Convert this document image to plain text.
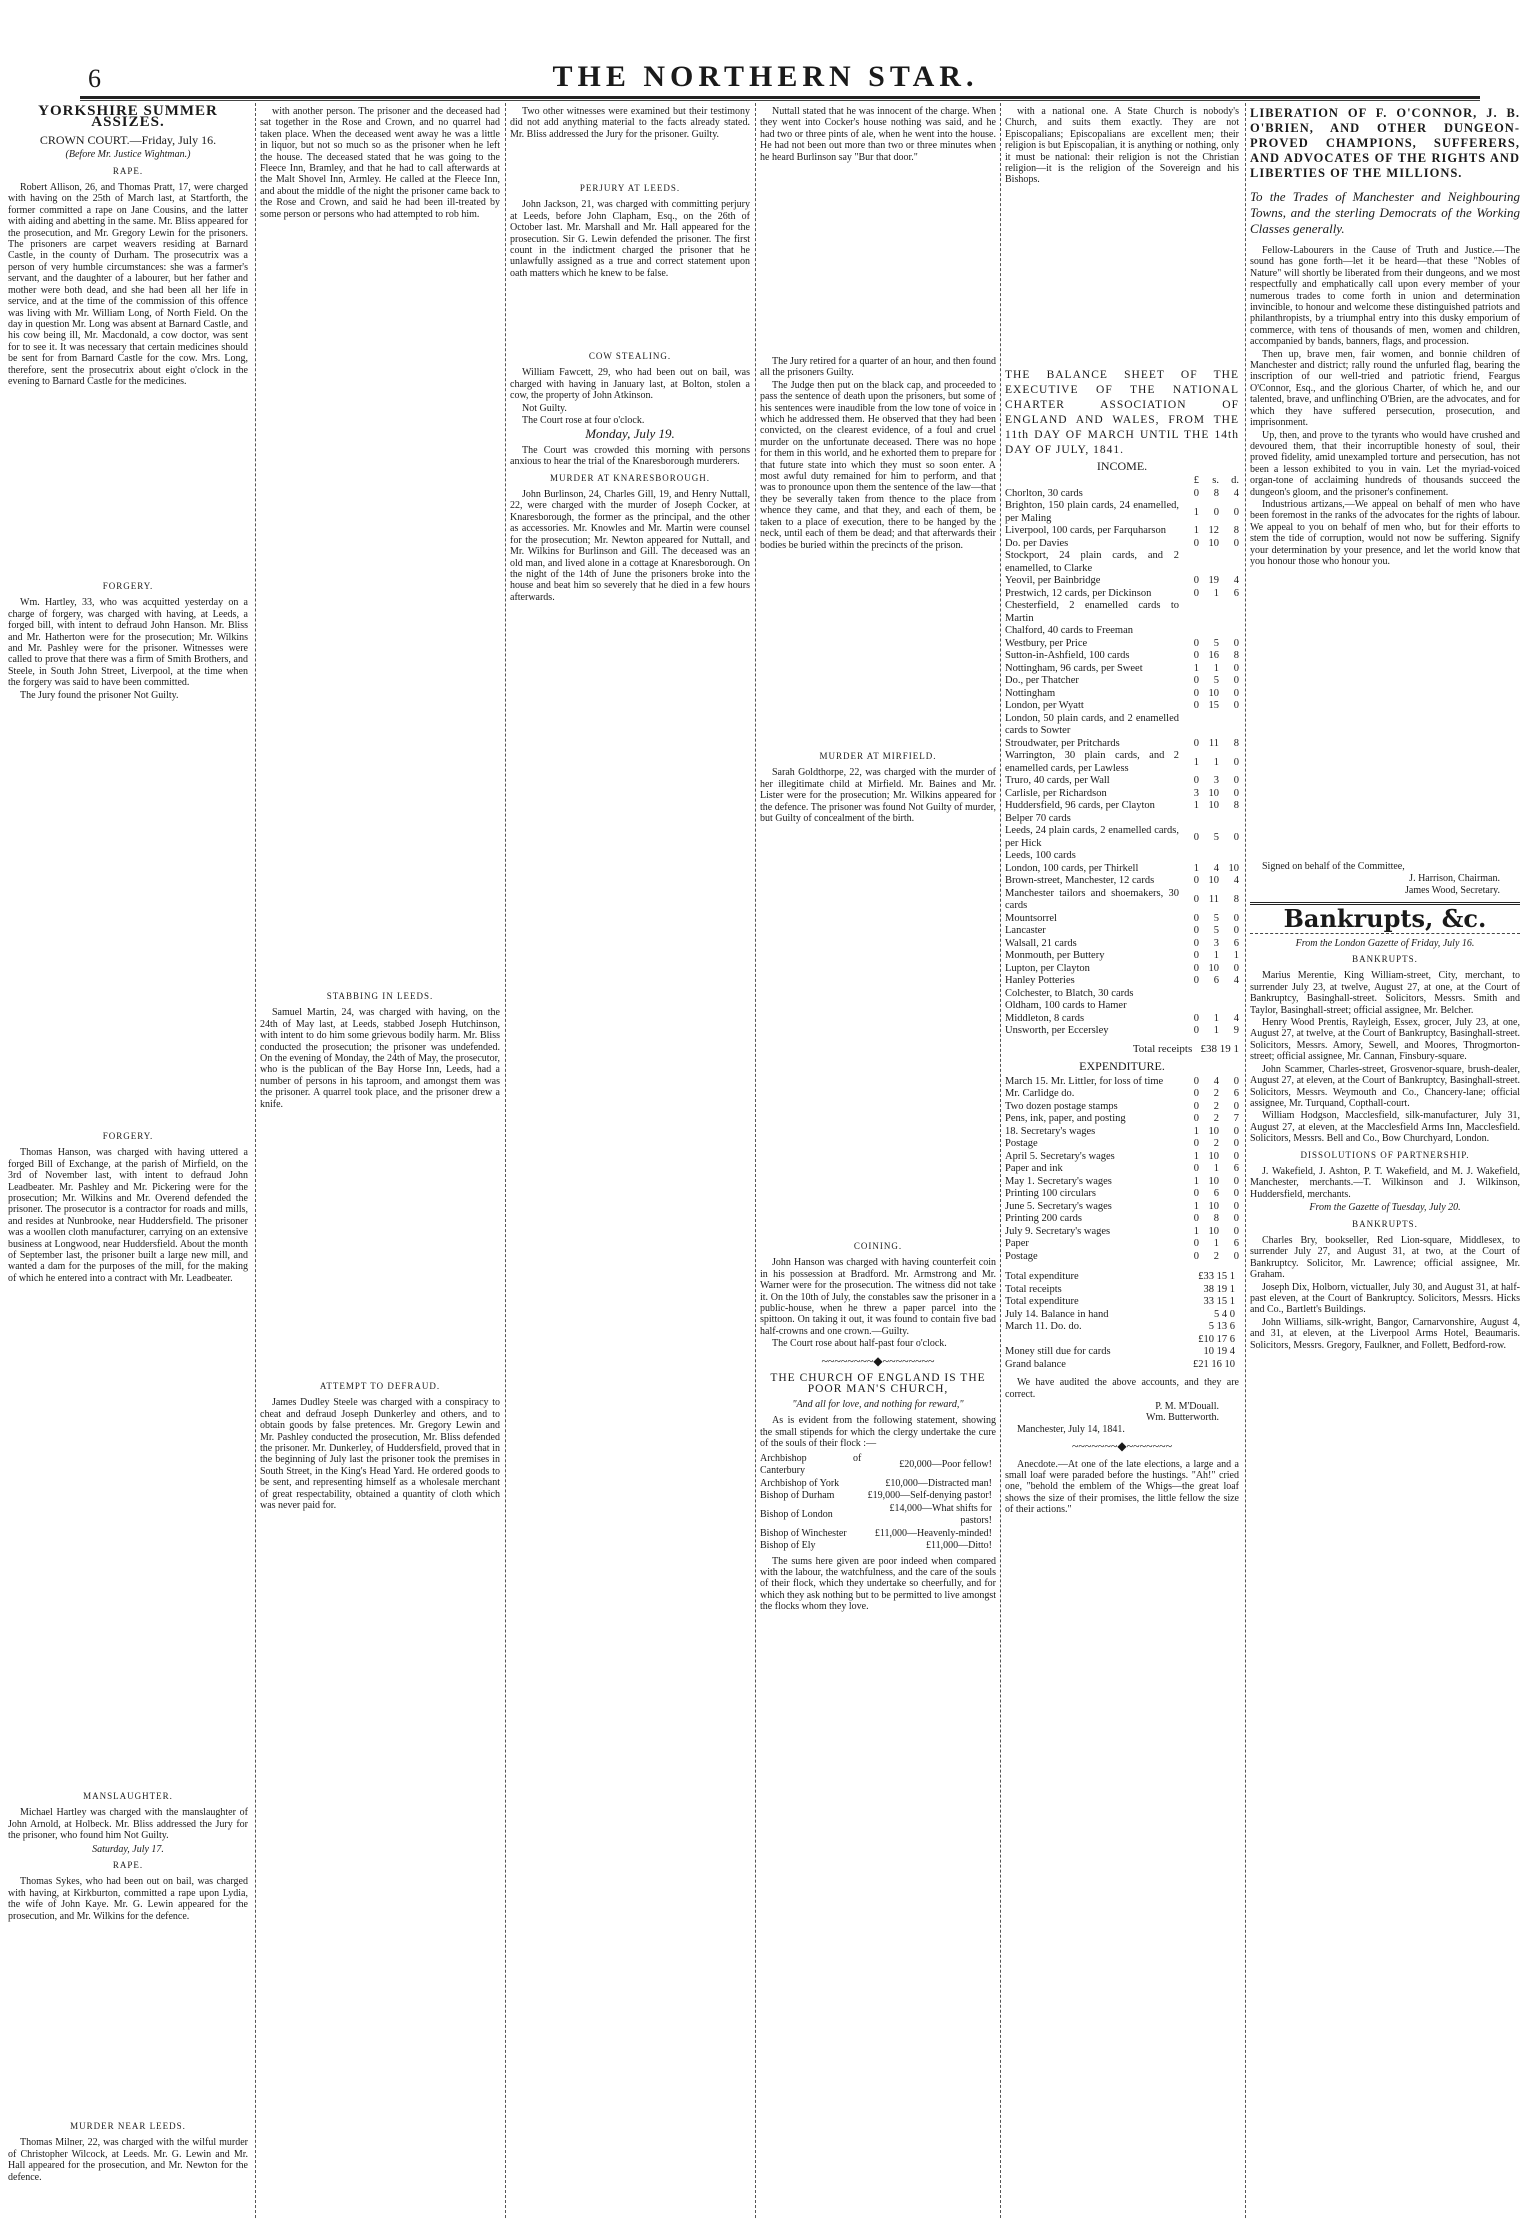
6	THE NORTHERN STAR.
YORKSHIRE SUMMER ASSIZES.
CROWN COURT.—Friday, July 16.
(Before Mr. Justice Wightman.)
RAPE.

Robert Allison, 26, and Thomas Pratt, 17, were charged with having on the 25th of March last, at Startforth, the former committed a rape on Jane Cousins, and the latter with aiding and abetting in the same. Mr. Bliss appeared for the prosecution, and Mr. Gregory Lewin for the prisoners. The prisoners are carpet weavers residing at Barnard Castle, in the county of Durham. The prosecutrix was a person of very humble circumstances: she was a farmer's servant, and the daughter of a labourer, but her father and mother were both dead, and she had been all her life in service, and at the time of the commission of this offence was living with Mr. William Long, of North Field. On the day in question Mr. Long was absent at Barnard Castle, and his cow being ill, Mr. Macdonald, a cow doctor, was sent for to see it. It was necessary that certain medicines should be sent for from Barnard Castle for the cow. Mrs. Long, therefore, sent the prosecutrix about eight o'clock in the evening to Barnard Castle for the medicines.

FORGERY.

Wm. Hartley, 33, who was acquitted yesterday on a charge of forgery, was charged with having, at Leeds, a forged bill, with intent to defraud John Hanson. Mr. Bliss and Mr. Hatherton were for the prosecution; Mr. Wilkins and Mr. Pashley were for the prisoner. Witnesses were called to prove that there was a firm of Smith Brothers, and Steele, in South John Street, Liverpool, at the time when the forgery was said to have been committed.

The Jury found the prisoner Not Guilty.

FORGERY.

Thomas Hanson, was charged with having uttered a forged Bill of Exchange, at the parish of Mirfield, on the 3rd of November last, with intent to defraud John Leadbeater. Mr. Pashley and Mr. Pickering were for the prosecution; Mr. Wilkins and Mr. Overend defended the prisoner. The prosecutor is a contractor for roads and mills, and resides at Nunbrooke, near Huddersfield. The prisoner was a woollen cloth manufacturer, carrying on an extensive business at Longwood, near Huddersfield. About the month of September last, the prisoner built a large new mill, and wanted a dam for the purposes of the mill, for the making of which he entered into a contract with Mr. Leadbeater.

MANSLAUGHTER.

Michael Hartley was charged with the manslaughter of John Arnold, at Holbeck. Mr. Bliss addressed the Jury for the prisoner, who found him Not Guilty.

Saturday, July 17.
RAPE.

Thomas Sykes, who had been out on bail, was charged with having, at Kirkburton, committed a rape upon Lydia, the wife of John Kaye. Mr. G. Lewin appeared for the prosecution, and Mr. Wilkins for the defence.

MURDER NEAR LEEDS.

Thomas Milner, 22, was charged with the wilful murder of Christopher Wilcock, at Leeds. Mr. G. Lewin and Mr. Hall appeared for the prosecution, and Mr. Newton for the defence.

with another person. The prisoner and the deceased had sat together in the Rose and Crown, and no quarrel had taken place. When the deceased went away he was a little in liquor, but not so much so as the prisoner when he left the house. The deceased stated that he was going to the Fleece Inn, Bramley, and that he had to call afterwards at the Malt Shovel Inn, Armley. He called at the Fleece Inn, and about the middle of the night the prisoner came back to the Rose and Crown, and said he had been ill-treated by some person or persons who had attempted to rob him.

STABBING IN LEEDS.

Samuel Martin, 24, was charged with having, on the 24th of May last, at Leeds, stabbed Joseph Hutchinson, with intent to do him some grievous bodily harm. Mr. Bliss conducted the prosecution; the prisoner was undefended. On the evening of Monday, the 24th of May, the prosecutor, who is the publican of the Bay Horse Inn, Leeds, had a number of persons in his taproom, and amongst them was the prisoner. A quarrel took place, and the prisoner drew a knife.

ATTEMPT TO DEFRAUD.

James Dudley Steele was charged with a conspiracy to cheat and defraud Joseph Dunkerley and others, and to obtain goods by false pretences. Mr. Gregory Lewin and Mr. Pashley conducted the prosecution, Mr. Bliss defended the prisoner. Mr. Dunkerley, of Huddersfield, proved that in the beginning of July last the prisoner took the premises in South Street, in the King's Head Yard. He ordered goods to be sent, and representing himself as a wholesale merchant of great respectability, obtained a quantity of cloth which was never paid for.

Two other witnesses were examined but their testimony did not add anything material to the facts already stated. Mr. Bliss addressed the Jury for the prisoner. Guilty.

PERJURY AT LEEDS.

John Jackson, 21, was charged with committing perjury at Leeds, before John Clapham, Esq., on the 26th of October last. Mr. Marshall and Mr. Hall appeared for the prosecution. Sir G. Lewin defended the prisoner. The first count in the indictment charged the prisoner that he unlawfully assigned as a true and correct statement upon oath matters which he knew to be false.

COW STEALING.

William Fawcett, 29, who had been out on bail, was charged with having in January last, at Bolton, stolen a cow, the property of John Atkinson.

Not Guilty.

The Court rose at four o'clock.

Monday, July 19.

The Court was crowded this morning with persons anxious to hear the trial of the Knaresborough murderers.

MURDER AT KNARESBOROUGH.

John Burlinson, 24, Charles Gill, 19, and Henry Nuttall, 22, were charged with the murder of Joseph Cocker, at Knaresborough, the former as the principal, and the other as accessories. Mr. Knowles and Mr. Martin were counsel for the prosecution; Mr. Newton appeared for Nuttall, and Mr. Wilkins for Burlinson and Gill. The deceased was an old man, and lived alone in a cottage at Knaresborough. On the night of the 14th of June the prisoners broke into the house and beat him so severely that he died in a few hours afterwards.

Nuttall stated that he was innocent of the charge. When they went into Cocker's house nothing was said, and he had two or three pints of ale, when he went into the house. He had not been out more than two or three minutes when he heard Burlinson say "Bur that door."

The Jury retired for a quarter of an hour, and then found all the prisoners Guilty.

The Judge then put on the black cap, and proceeded to pass the sentence of death upon the prisoners, but some of his sentences were inaudible from the low tone of voice in which he addressed them. He observed that they had been convicted, on the clearest evidence, of a foul and cruel murder on the unfortunate deceased. There was no hope for them in this world, and he exhorted them to prepare for that future state into which they must so soon enter. A most awful duty remained for him to perform, and that was to pronounce upon them the sentence of the law—that they be severally taken from thence to the place from whence they came, and that they, and each of them, be taken to a place of execution, there to be hanged by the neck, until each of them be dead; and that afterwards their bodies be buried within the precincts of the prison.

MURDER AT MIRFIELD.

Sarah Goldthorpe, 22, was charged with the murder of her illegitimate child at Mirfield. Mr. Baines and Mr. Lister were for the prosecution; Mr. Wilkins appeared for the defence. The prisoner was found Not Guilty of murder, but Guilty of concealment of the birth.

COINING.

John Hanson was charged with having counterfeit coin in his possession at Bradford. Mr. Armstrong and Mr. Warner were for the prosecution. The witness did not take it. On the 10th of July, the constables saw the prisoner in a public-house, when he threw a paper parcel into the spittoon. On taking it out, it was found to contain five bad half-crowns and one crown.—Guilty.

The Court rose about half-past four o'clock.

~~~~~~~~◆~~~~~~~~
THE CHURCH OF ENGLAND IS THE POOR MAN'S CHURCH,
"And all for love, and nothing for reward,"

As is evident from the following statement, showing the small stipends for which the clergy undertake the cure of the souls of their flock :—

Archbishop of Canterbury	£20,000—Poor fellow!
Archbishop of York	£10,000—Distracted man!
Bishop of Durham	£19,000—Self-denying pastor!
Bishop of London	£14,000—What shifts for pastors!
Bishop of Winchester	£11,000—Heavenly-minded!
Bishop of Ely	£11,000—Ditto!

The sums here given are poor indeed when compared with the labour, the watchfulness, and the care of the souls of their flock, which they undertake so cheerfully, and for which they ask nothing but to be permitted to live amongst the flocks whom they love.

with a national one. A State Church is nobody's Church, and suits them exactly. They are not Episcopalians; Episcopalians are excellent men; their religion is but Episcopalian, it is anything or nothing, only it must be national: their religion is not the Christian religion—it is the religion of the Sovereign and his Bishops.

THE BALANCE SHEET OF THE EXECUTIVE OF THE NATIONAL CHARTER ASSOCIATION OF ENGLAND AND WALES, FROM THE 11th DAY OF MARCH UNTIL THE 14th DAY OF JULY, 1841.
INCOME.
	£	s.	d.
Chorlton, 30 cards	0	8	4
Brighton, 150 plain cards, 24 enamelled, per Maling	1	0	0
Liverpool, 100 cards, per Farquharson	1	12	8
Do. per Davies	0	10	0
Stockport, 24 plain cards, and 2 enamelled, to Clarke			
Yeovil, per Bainbridge	0	19	4
Prestwich, 12 cards, per Dickinson	0	1	6
Chesterfield, 2 enamelled cards to Martin			
Chalford, 40 cards to Freeman			
Westbury, per Price	0	5	0
Sutton-in-Ashfield, 100 cards	0	16	8
Nottingham, 96 cards, per Sweet	1	1	0
Do., per Thatcher	0	5	0
Nottingham	0	10	0
London, per Wyatt	0	15	0
London, 50 plain cards, and 2 enamelled cards to Sowter			
Stroudwater, per Pritchards	0	11	8
Warrington, 30 plain cards, and 2 enamelled cards, per Lawless	1	1	0
Truro, 40 cards, per Wall	0	3	0
Carlisle, per Richardson	3	10	0
Huddersfield, 96 cards, per Clayton	1	10	8
Belper 70 cards			
Leeds, 24 plain cards, 2 enamelled cards, per Hick	0	5	0
Leeds, 100 cards			
London, 100 cards, per Thirkell	1	4	10
Brown-street, Manchester, 12 cards	0	10	4
Manchester tailors and shoemakers, 30 cards	0	11	8
Mountsorrel	0	5	0
Lancaster	0	5	0
Walsall, 21 cards	0	3	6
Monmouth, per Buttery	0	1	1
Lupton, per Clayton	0	10	0
Hanley Potteries	0	6	4
Colchester, to Blatch, 30 cards			
Oldham, 100 cards to Hamer			
Middleton, 8 cards	0	1	4
Unsworth, per Eccersley	0	1	9
Total receipts £38 19 1
EXPENDITURE.
March 15. Mr. Littler, for loss of time	0	4	0
Mr. Carlidge do.	0	2	6
Two dozen postage stamps	0	2	0
Pens, ink, paper, and posting	0	2	7
18. Secretary's wages	1	10	0
Postage	0	2	0
April 5. Secretary's wages	1	10	0
Paper and ink	0	1	6
May 1. Secretary's wages	1	10	0
Printing 100 circulars	0	6	0
June 5. Secretary's wages	1	10	0
Printing 200 cards	0	8	0
July 9. Secretary's wages	1	10	0
Paper	0	1	6
Postage	0	2	0
Total expenditure	£33 15 1
Total receipts	38 19 1
Total expenditure	33 15 1
July 14. Balance in hand	5 4 0
March 11. Do. do.	5 13 6
	£10 17 6
Money still due for cards	10 19 4
Grand balance	£21 16 10

We have audited the above accounts, and they are correct.

P. M. M'Douall.
Wm. Butterworth.

Manchester, July 14, 1841.

~~~~~~~◆~~~~~~~

Anecdote.—At one of the late elections, a large and a small loaf were paraded before the hustings. "Ah!" cried one, "behold the emblem of the Whigs—the great loaf shows the size of their promises, the little fellow the size of their actions."

LIBERATION OF F. O'CONNOR, J. B. O'BRIEN, AND OTHER DUNGEON-PROVED CHAMPIONS, SUFFERERS, AND ADVOCATES OF THE RIGHTS AND LIBERTIES OF THE MILLIONS.
To the Trades of Manchester and Neighbouring Towns, and the sterling Democrats of the Working Classes generally.

Fellow-Labourers in the Cause of Truth and Justice.—The sound has gone forth—let it be heard—that these "Nobles of Nature" will shortly be liberated from their dungeons, and we most respectfully and emphatically call upon every member of your numerous trades to come forth in union and determination invincible, to honour and welcome these distinguished patriots and philanthropists, by a triumphal entry into this dusky emporium of commerce, with tens of thousands of men, women and children, accompanied by bands, banners, flags, and procession.

Then up, brave men, fair women, and bonnie children of Manchester and district; rally round the unfurled flag, bearing the inscription of our well-tried and patriotic friend, Feargus O'Connor, Esq., and the glorious Charter, of which he, and our talented, brave, and unflinching O'Brien, are the advocates, and for which they have suffered persecution, prosecution, and imprisonment.

Up, then, and prove to the tyrants who would have crushed and devoured them, that their incorruptible honesty of soul, their proved fidelity, amid unexampled torture and persecution, has not been a lesson exhibited to you in vain. Let the myriad-voiced organ-tone of acclaiming hundreds of thousands succeed the dungeon's gloom, and the prisoner's confinement.

Industrious artizans,—We appeal on behalf of men who have been foremost in the ranks of the advocates for the rights of labour. We appeal to you on behalf of men who, but for their efforts to stem the tide of corruption, would not now be suffering. Signify your determination by your presence, and let the world know that you honour those who honour you.

Signed on behalf of the Committee,

J. Harrison, Chairman.
James Wood, Secretary.
Bankrupts, &c.
From the London Gazette of Friday, July 16.
BANKRUPTS.

Marius Merentie, King William-street, City, merchant, to surrender July 23, at twelve, August 27, at one, at the Court of Bankruptcy, Basinghall-street. Solicitors, Messrs. Smith and Taylor, Basinghall-street; official assignee, Mr. Belcher.

Henry Wood Prentis, Rayleigh, Essex, grocer, July 23, at one, August 27, at twelve, at the Court of Bankruptcy, Basinghall-street. Solicitors, Messrs. Amory, Sewell, and Moores, Throgmorton-street; official assignee, Mr. Cannan, Finsbury-square.

John Scammer, Charles-street, Grosvenor-square, brush-dealer, August 27, at eleven, at the Court of Bankruptcy, Basinghall-street. Solicitors, Messrs. Weymouth and Co., Chancery-lane; official assignee, Mr. Turquand, Copthall-court.

William Hodgson, Macclesfield, silk-manufacturer, July 31, August 27, at eleven, at the Macclesfield Arms Inn, Macclesfield. Solicitors, Messrs. Bell and Co., Bow Churchyard, London.

DISSOLUTIONS OF PARTNERSHIP.

J. Wakefield, J. Ashton, P. T. Wakefield, and M. J. Wakefield, Manchester, merchants.—T. Wilkinson and J. Wilkinson, Huddersfield, merchants.

From the Gazette of Tuesday, July 20.
BANKRUPTS.

Charles Bry, bookseller, Red Lion-square, Middlesex, to surrender July 27, and August 31, at two, at the Court of Bankruptcy. Solicitor, Mr. Lawrence; official assignee, Mr. Graham.

Joseph Dix, Holborn, victualler, July 30, and August 31, at half-past eleven, at the Court of Bankruptcy. Solicitors, Messrs. Hicks and Co., Bartlett's Buildings.

John Williams, silk-wright, Bangor, Carnarvonshire, August 4, and 31, at eleven, at the Liverpool Arms Hotel, Beaumaris. Solicitors, Messrs. Gregory, Faulkner, and Follett, Bedford-row.
